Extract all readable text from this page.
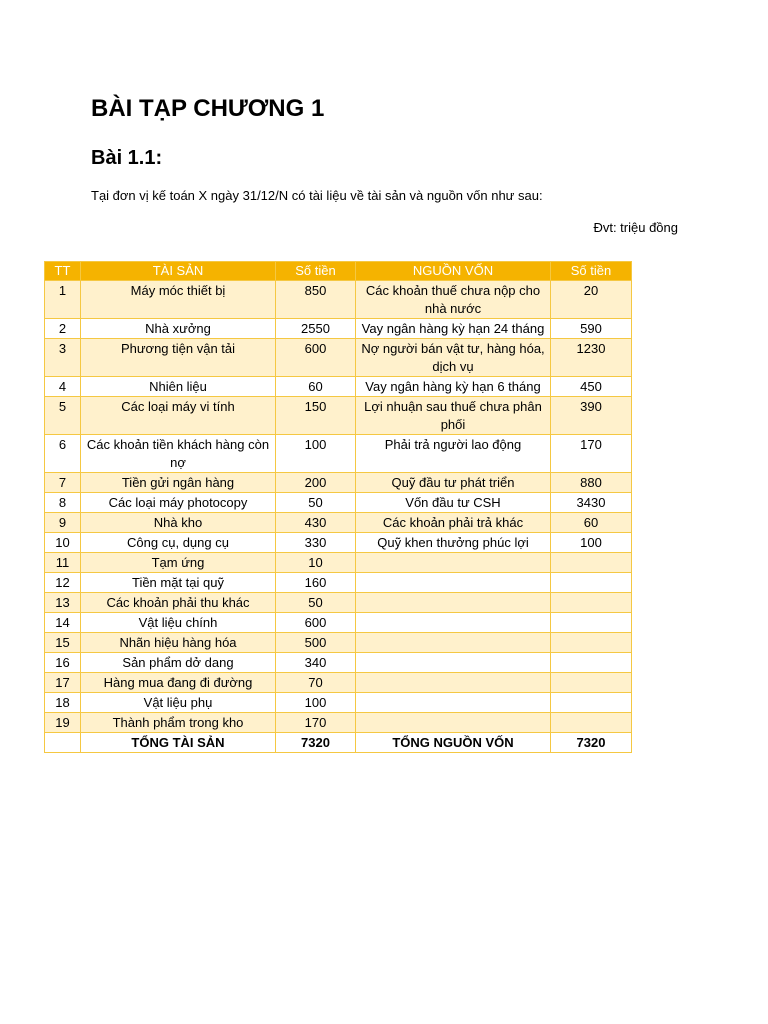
BÀI TẠP CHƯƠNG 1
Bài 1.1:

Tại đơn vị kế toán X ngày 31/12/N có tài liệu về tài sản và nguồn vốn như sau:

Đvt: triệu đồng

TT	TÀI SẢN	Số tiền	NGUỒN VỐN	Số tiền
1	Máy móc thiết bị	850	Các khoản thuế chưa nộp cho nhà nước	20
2	Nhà xưởng	2550	Vay ngân hàng kỳ hạn 24 tháng	590
3	Phương tiện vận tải	600	Nợ người bán vật tư, hàng hóa, dịch vụ	1230
4	Nhiên liệu	60	Vay ngân hàng kỳ hạn 6 tháng	450
5	Các loại máy vi tính	150	Lợi nhuận sau thuế chưa phân phối	390
6	Các khoản tiền khách hàng còn nợ	100	Phải trả người lao động	170
7	Tiền gửi ngân hàng	200	Quỹ đầu tư phát triển	880
8	Các loại máy photocopy	50	Vốn đầu tư CSH	3430
9	Nhà kho	430	Các khoản phải trả khác	60
10	Công cụ, dụng cụ	330	Quỹ khen thưởng phúc lợi	100
11	Tạm ứng	10		
12	Tiền mặt tại quỹ	160		
13	Các khoản phải thu khác	50		
14	Vật liệu chính	600		
15	Nhãn hiệu hàng hóa	500		
16	Sản phẩm dở dang	340		
17	Hàng mua đang đi đường	70		
18	Vật liệu phụ	100		
19	Thành phẩm trong kho	170		
	TỔNG TÀI SẢN	7320	TỔNG NGUỒN VỐN	7320
